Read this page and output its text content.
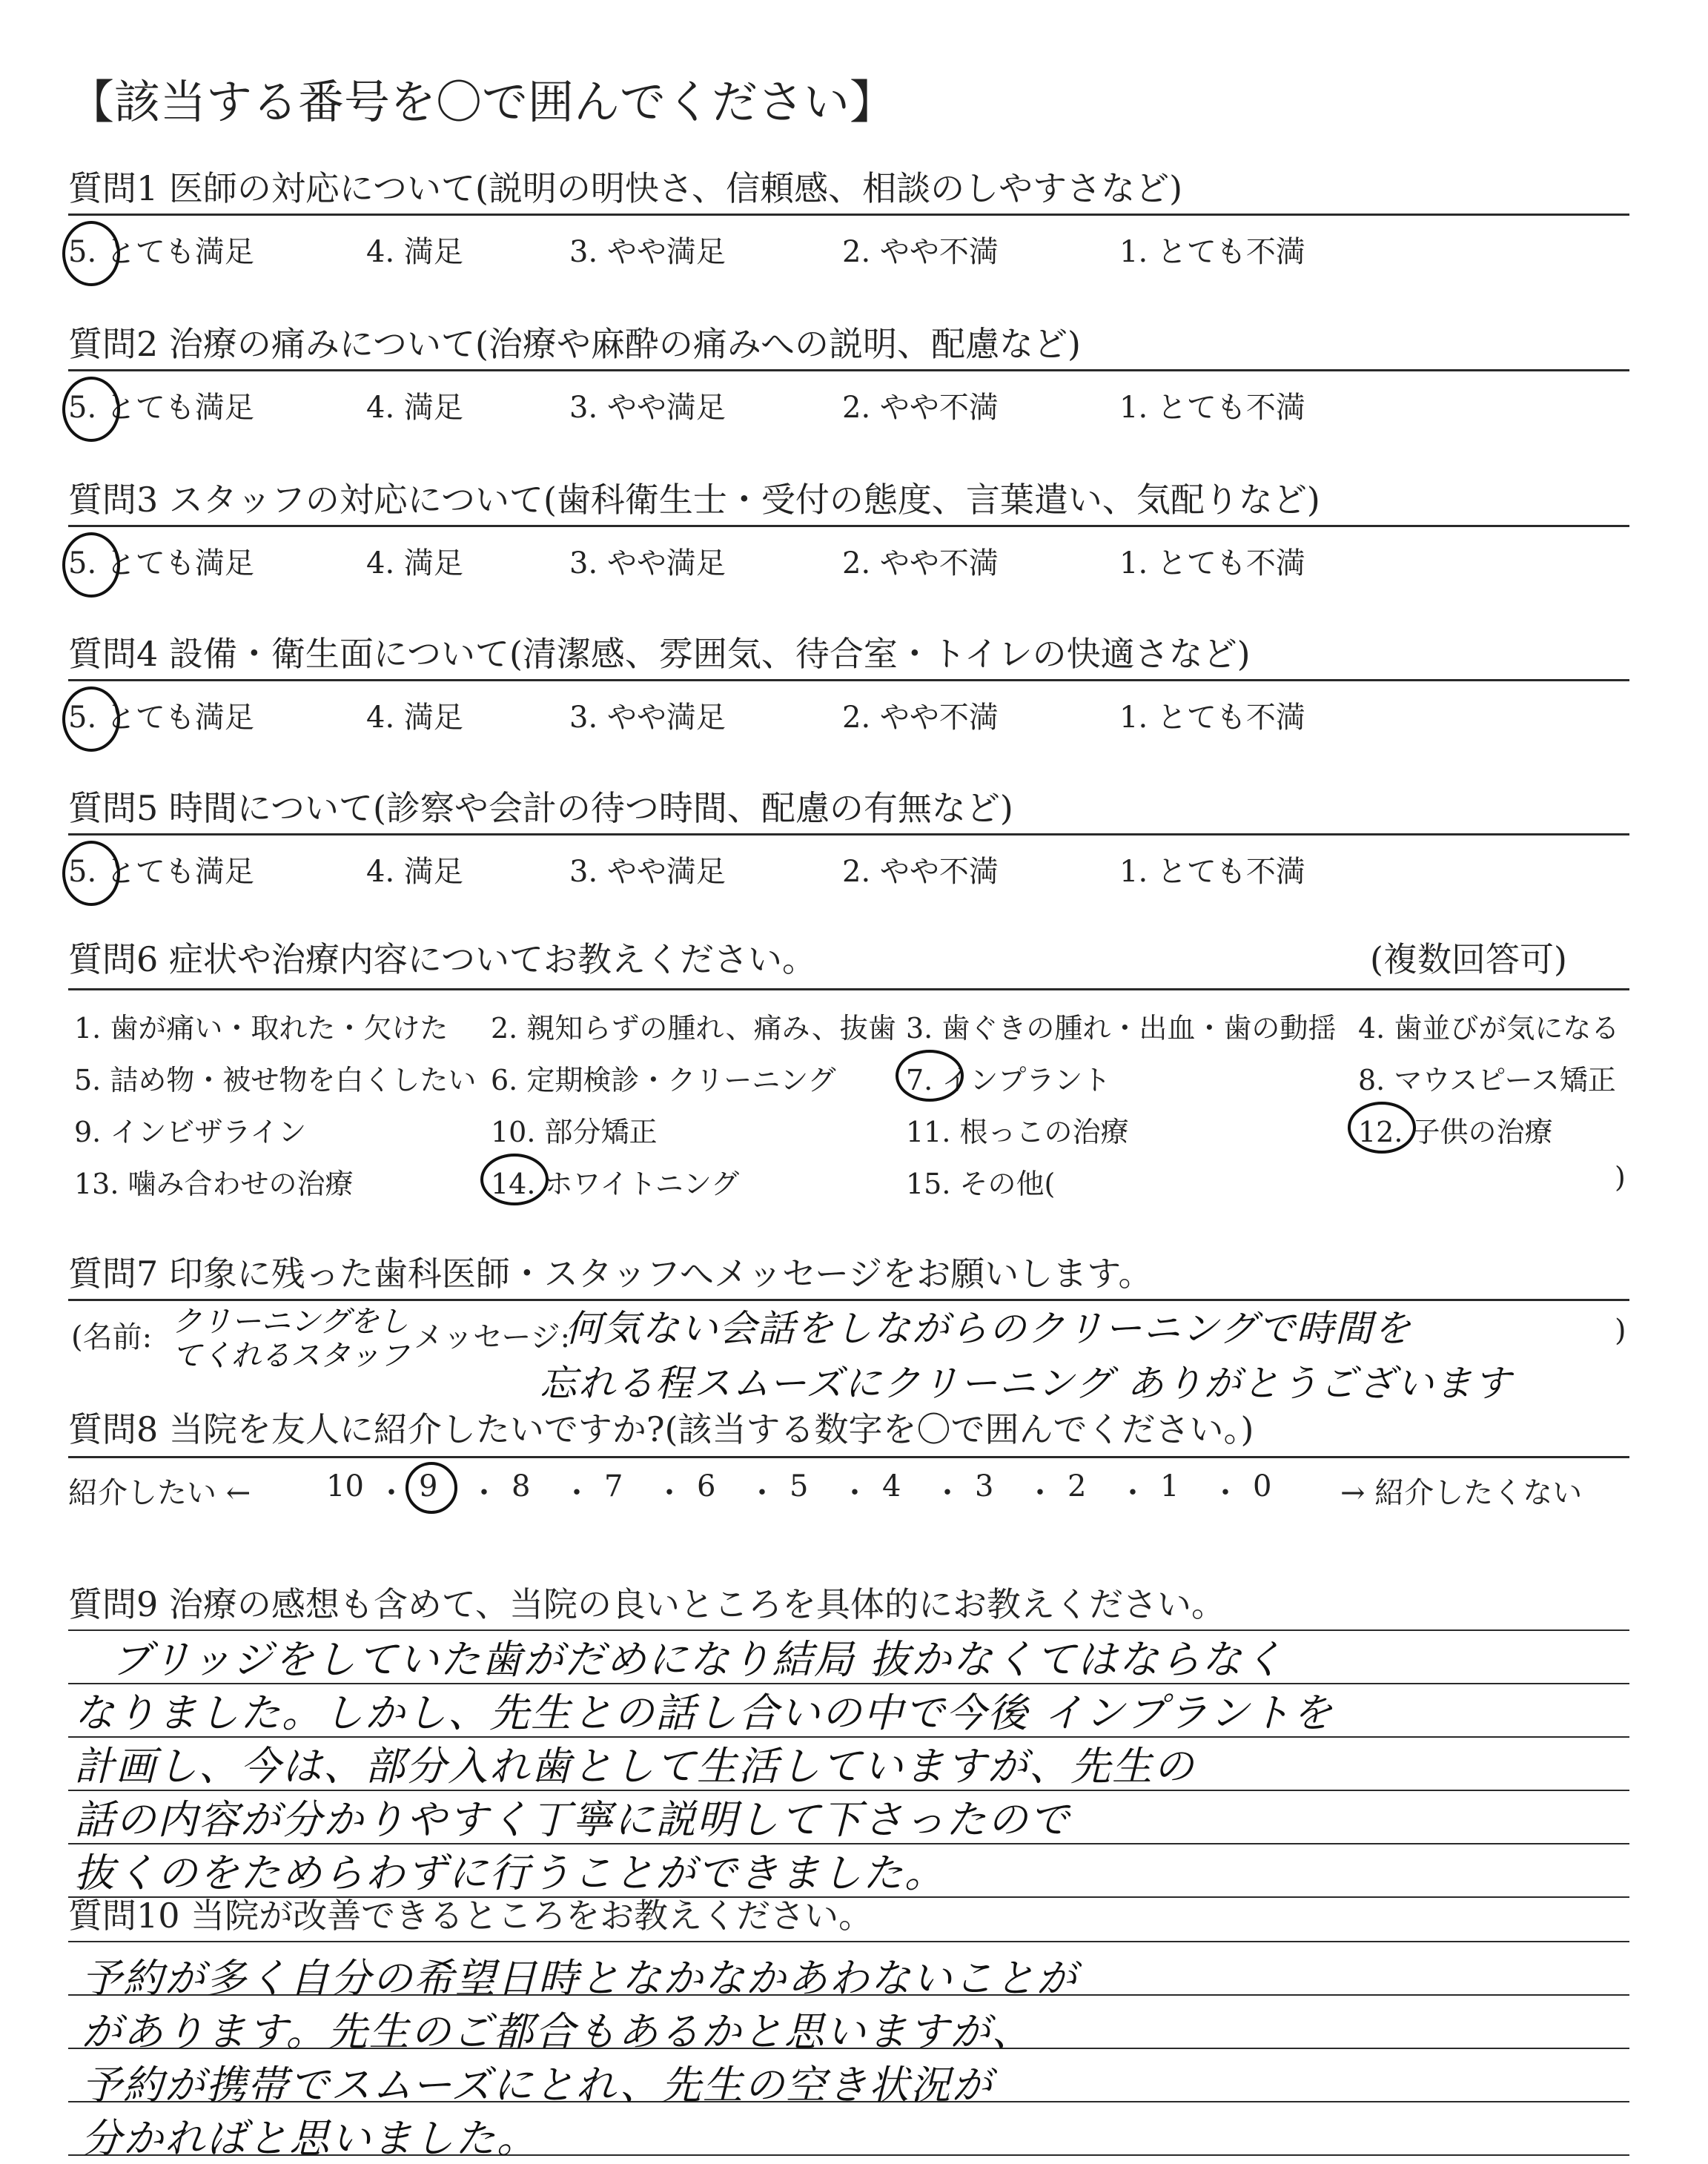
【該当する番号を〇で囲んでください】
質問1 医師の対応について(説明の明快さ、信頼感、相談のしやすさなど)
5. とても満足	4. 満足	3. やや満足	2. やや不満	1. とても不満
質問2 治療の痛みについて(治療や麻酔の痛みへの説明、配慮など)
5. とても満足	4. 満足	3. やや満足	2. やや不満	1. とても不満
質問3 スタッフの対応について(歯科衛生士・受付の態度、言葉遣い、気配りなど)
5. とても満足	4. 満足	3. やや満足	2. やや不満	1. とても不満
質問4 設備・衛生面について(清潔感、雰囲気、待合室・トイレの快適さなど)
5. とても満足	4. 満足	3. やや満足	2. やや不満	1. とても不満
質問5 時間について(診察や会計の待つ時間、配慮の有無など)
5. とても満足	4. 満足	3. やや満足	2. やや不満	1. とても不満
質問6 症状や治療内容についてお教えください。	(複数回答可)
1. 歯が痛い・取れた・欠けた 2. 親知らずの腫れ、痛み、抜歯 3. 歯ぐきの腫れ・出血・歯の動揺 4. 歯並びが気になる
5. 詰め物・被せ物を白くしたい 6. 定期検診・クリーニング 7. インプラント	8. マウスピース矯正
9. インビザライン	10. 部分矯正	11. 根っこの治療	12. 子供の治療
13. 噛み合わせの治療	14. ホワイトニング	15. その他(	)
質問7 印象に残った歯科医師・スタッフへメッセージをお願いします。
(名前: クリーニングをしてくれるスタッフ
メッセージ:
何気ない会話をしながらのクリーニングで時間を
忘れる程スムーズにクリーニング ありがとうございます
)
質問8 当院を友人に紹介したいですか?(該当する数字を〇で囲んでください。)
紹介したい ←	→ 紹介したくない
10 ・ 9 ・ 8 ・ 7 ・ 6 ・ 5 ・ 4 ・ 3 ・ 2 ・ 1 ・ 0
質問9 治療の感想も含めて、当院の良いところを具体的にお教えください。
ブリッジをしていた歯がだめになり結局 抜かなくてはならなく
なりました。しかし、先生との話し合いの中で今後 インプラントを
計画し、今は、部分入れ歯として生活していますが、先生の
話の内容が分かりやすく丁寧に説明して下さったので
抜くのをためらわずに行うことができました。
質問10 当院が改善できるところをお教えください。
予約が多く自分の希望日時となかなかあわないことが
があります。先生のご都合もあるかと思いますが、
予約が携帯でスムーズにとれ、先生の空き状況が
分かればと思いました。
